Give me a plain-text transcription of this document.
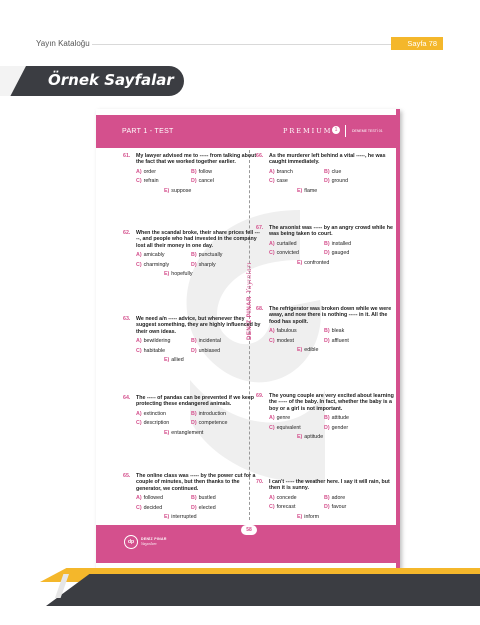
Yayın Kataloğu	Sayfa 78
Örnek Sayfalar
PART 1 - TEST	PREMIUM 1	DENEME TESTİ 01
DENİZ PINARYayınları
61. My lawyer advised me to ----- from talking about the fact that we worked together earlier.
A) order	B) follow
C) refrain	D) cancel
E) suppose
62. When the scandal broke, their share prices fell -----, and people who had invested in the company lost all their money in one day.
A) amicably	B) punctually
C) charmingly	D) sharply
E) hopefully
63. We need a/n ----- advice, but whenever they suggest something, they are highly influenced by their own ideas.
A) bewildering	B) incidental
C) habitable	D) unbiased
E) allied
64. The ----- of pandas can be prevented if we keep protecting these endangered animals.
A) extinction	B) introduction
C) description	D) competence
E) entanglement
65. The online class was ----- by the power cut for a couple of minutes, but then thanks to the generator, we continued.
A) followed	B) bustled
C) decided	D) elected
E) interrupted
66. As the murderer left behind a vital -----, he was caught immediately.
A) branch	B) clue
C) case	D) ground
E) flame
67. The arsonist was ----- by an angry crowd while he was being taken to court.
A) curtailed	B) installed
C) convicted	D) gauged
E) confronted
68. The refrigerator was broken down while we were away, and now there is nothing ----- in it. All the food has spoilt.
A) fabulous	B) bleak
C) modest	D) affluent
E) edible
69. The young couple are very excited about learning the ----- of the baby. In fact, whether the baby is a boy or a girl is not important.
A) genre	B) attitude
C) equivalent	D) gender
E) aptitude
70. I can't ----- the weather here. I say it will rain, but then it is sunny.
A) concede	B) adore
C) forecast	D) favour
E) inform
58
dp	DENİZ PINAR
Yayınları
